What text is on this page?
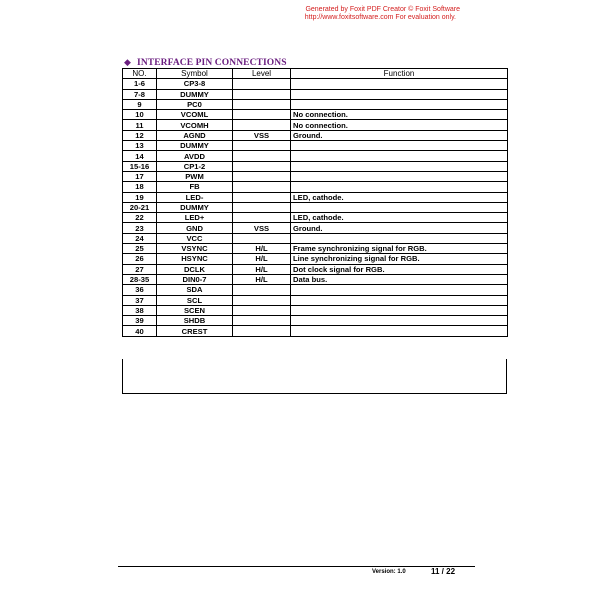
Generated by Foxit PDF Creator © Foxit Software
http://www.foxitsoftware.com For evaluation only.
◆ INTERFACE PIN CONNECTIONS
NO.	Symbol	Level	Function
1-6	CP3-8		
7-8	DUMMY		
9	PC0		
10	VCOML		No connection.
11	VCOMH		No connection.
12	AGND	VSS	Ground.
13	DUMMY		
14	AVDD		
15-16	CP1-2		
17	PWM		
18	FB		
19	LED-		LED, cathode.
20-21	DUMMY		
22	LED+		LED, cathode.
23	GND	VSS	Ground.
24	VCC		
25	VSYNC	H/L	Frame synchronizing signal for RGB.
26	HSYNC	H/L	Line synchronizing signal for RGB.
27	DCLK	H/L	Dot clock signal for RGB.
28-35	DIN0-7	H/L	Data bus.
36	SDA		
37	SCL		
38	SCEN		
39	SHDB		
40	CREST		
Version: 1.0	11 / 22
